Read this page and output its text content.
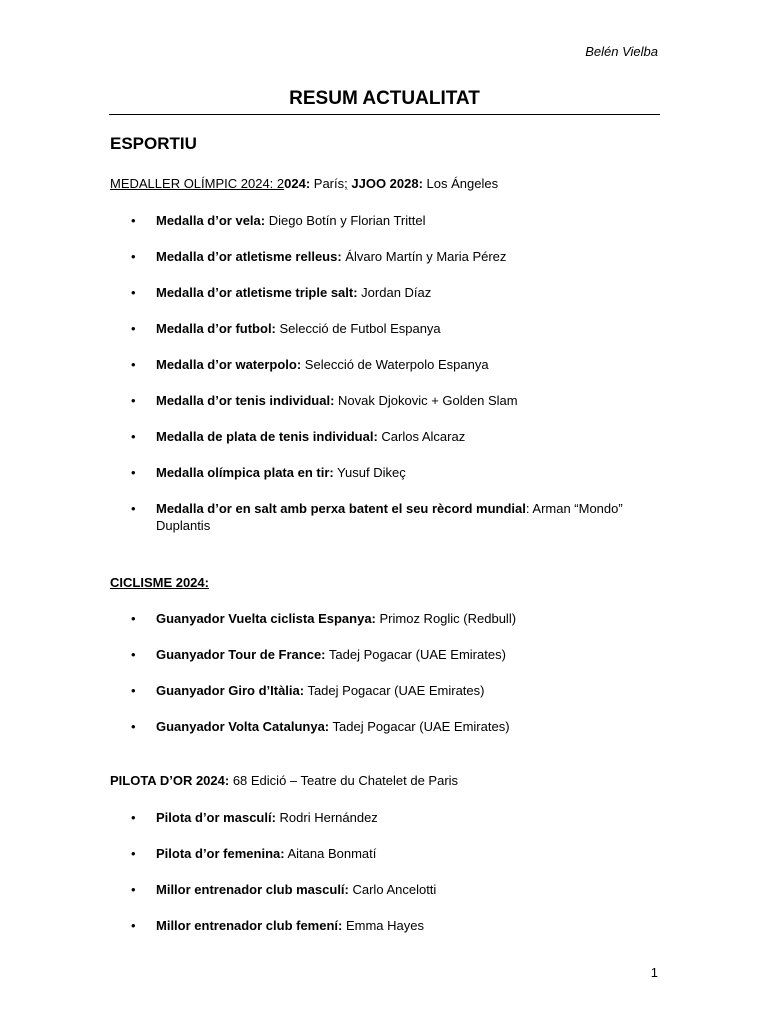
Belén Vielba
RESUM ACTUALITAT
ESPORTIU
MEDALLER OLÍMPIC 2024: 2024: París; JJOO 2028: Los Ángeles
• Medalla d’or vela: Diego Botín y Florian Trittel
• Medalla d’or atletisme relleus: Álvaro Martín y Maria Pérez
• Medalla d’or atletisme triple salt: Jordan Díaz
• Medalla d’or futbol: Selecció de Futbol Espanya
• Medalla d’or waterpolo: Selecció de Waterpolo Espanya
• Medalla d’or tenis individual: Novak Djokovic + Golden Slam
• Medalla de plata de tenis individual: Carlos Alcaraz
• Medalla olímpica plata en tir: Yusuf Dikeç
• Medalla d’or en salt amb perxa batent el seu rècord mundial: Arman “Mondo” Duplantis
CICLISME 2024:
• Guanyador Vuelta ciclista Espanya: Primoz Roglic (Redbull)
• Guanyador Tour de France: Tadej Pogacar (UAE Emirates)
• Guanyador Giro d’Itàlia: Tadej Pogacar (UAE Emirates)
• Guanyador Volta Catalunya: Tadej Pogacar (UAE Emirates)
PILOTA D’OR 2024: 68 Edició – Teatre du Chatelet de Paris
• Pilota d’or masculí: Rodri Hernández
• Pilota d’or femenina: Aitana Bonmatí
• Millor entrenador club masculí: Carlo Ancelotti
• Millor entrenador club femení: Emma Hayes
1
